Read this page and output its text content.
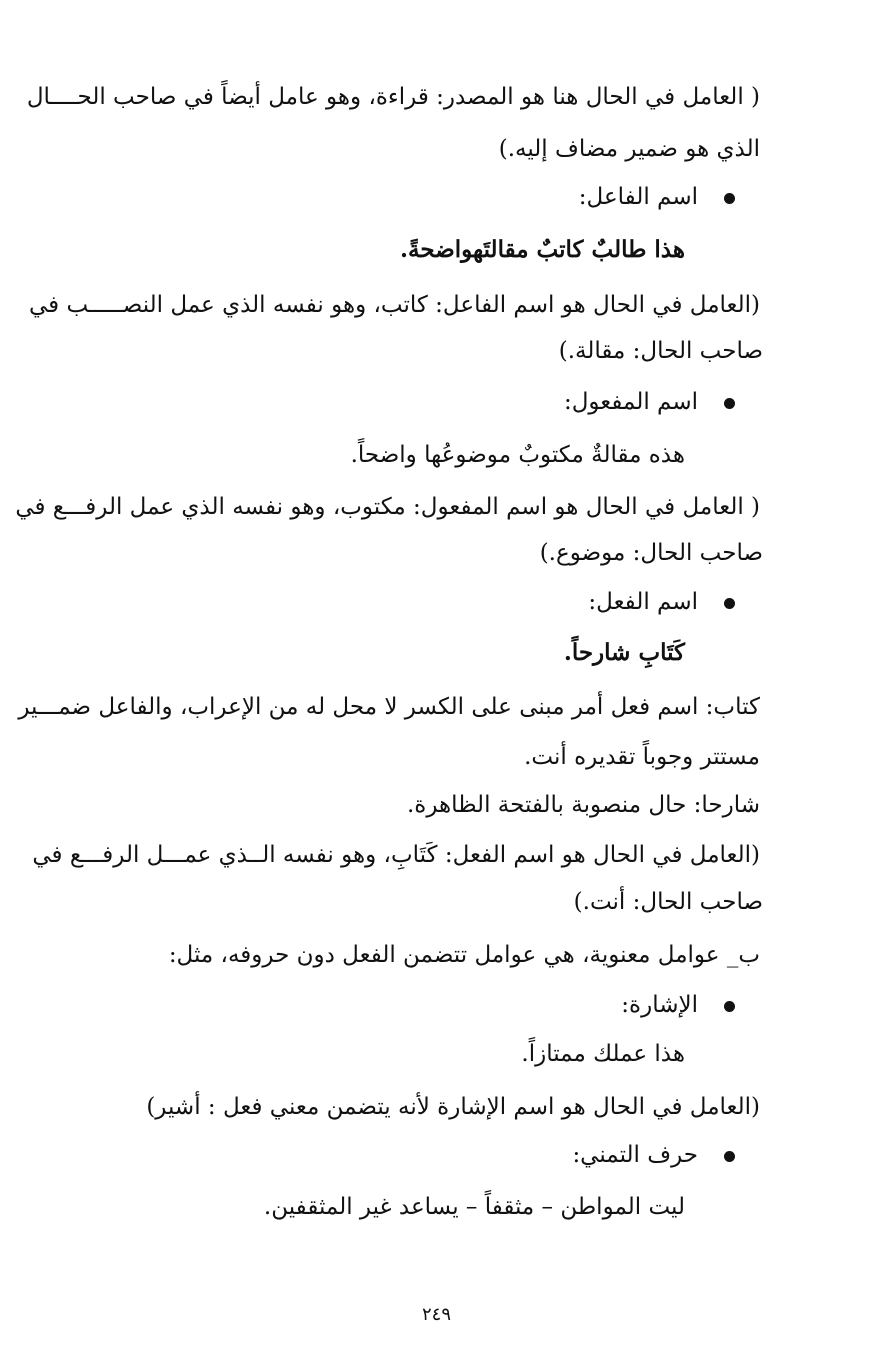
( العامل في الحال هنا هو المصدر: قراءة، وهو عامل أيضاً في صاحب الحــــال
الذي هو ضمير مضاف إليه.)
اسم الفاعل:
هذا طالبٌ كاتبٌ مقالتَهواضحةً.
(العامل في الحال هو اسم الفاعل: كاتب، وهو نفسه الذي عمل النصـــــب في
صاحب الحال: مقالة.)
اسم المفعول:
هذه مقالةٌ مكتوبٌ موضوعُها واضحاً.
( العامل في الحال هو اسم المفعول: مكتوب، وهو نفسه الذي عمل الرفـــع في
صاحب الحال: موضوع.)
اسم الفعل:
كَتَابِ شارحاً.
كتاب: اسم فعل أمر مبنى على الكسر لا محل له من الإعراب، والفاعل ضمـــير
مستتر وجوباً تقديره أنت.
شارحا: حال منصوبة بالفتحة الظاهرة.
(العامل في الحال هو اسم الفعل: كَتَابِ، وهو نفسه الــذي عمـــل الرفـــع في
صاحب الحال: أنت.)
ب_ عوامل معنوية، هي عوامل تتضمن الفعل دون حروفه، مثل:
الإشارة:
هذا عملك ممتازاً.
(العامل في الحال هو اسم الإشارة لأنه يتضمن معني فعل : أشير)
حرف التمني:
ليت المواطن – مثقفاً – يساعد غير المثقفين.
٢٤٩
